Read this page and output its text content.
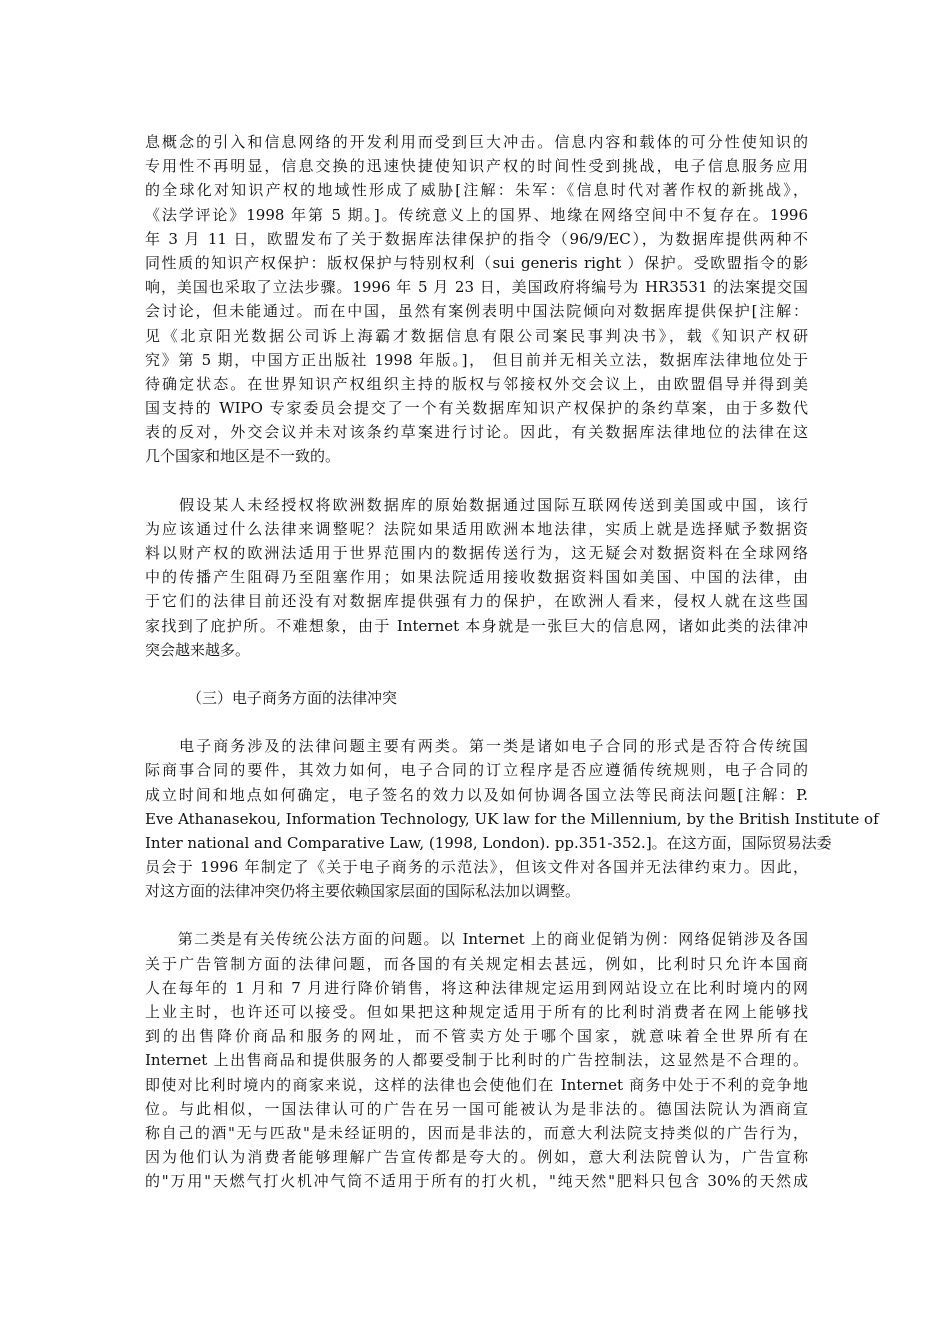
息概念的引入和信息网络的开发利用而受到巨大冲击。信息内容和载体的可分性使知识的
专用性不再明显，信息交换的迅速快捷使知识产权的时间性受到挑战，电子信息服务应用
的全球化对知识产权的地域性形成了威胁[注解：朱军：《信息时代对著作权的新挑战》，
《法学评论》1998 年第 5 期。]。传统意义上的国界、地缘在网络空间中不复存在。1996
年 3 月 11 日，欧盟发布了关于数据库法律保护的指令（96/9/EC），为数据库提供两种不
同性质的知识产权保护：版权保护与特别权利（sui generis right ）保护。受欧盟指令的影
响，美国也采取了立法步骤。1996 年 5 月 23 日，美国政府将编号为 HR3531 的法案提交国
会讨论，但未能通过。而在中国，虽然有案例表明中国法院倾向对数据库提供保护[注解：
见《北京阳光数据公司诉上海霸才数据信息有限公司案民事判决书》，载《知识产权研
究》第 5 期，中国方正出版社 1998 年版。]， 但目前并无相关立法，数据库法律地位处于
待确定状态。在世界知识产权组织主持的版权与邻接权外交会议上，由欧盟倡导并得到美
国支持的 WIPO 专家委员会提交了一个有关数据库知识产权保护的条约草案，由于多数代
表的反对，外交会议并未对该条约草案进行讨论。因此，有关数据库法律地位的法律在这
几个国家和地区是不一致的。
　　假设某人未经授权将欧洲数据库的原始数据通过国际互联网传送到美国或中国，该行
为应该通过什么法律来调整呢？法院如果适用欧洲本地法律，实质上就是选择赋予数据资
料以财产权的欧洲法适用于世界范围内的数据传送行为，这无疑会对数据资料在全球网络
中的传播产生阻碍乃至阻塞作用；如果法院适用接收数据资料国如美国、中国的法律，由
于它们的法律目前还没有对数据库提供强有力的保护，在欧洲人看来，侵权人就在这些国
家找到了庇护所。不难想象，由于 Internet 本身就是一张巨大的信息网，诸如此类的法律冲
突会越来越多。
（三）电子商务方面的法律冲突
　　电子商务涉及的法律问题主要有两类。第一类是诸如电子合同的形式是否符合传统国
际商事合同的要件，其效力如何，电子合同的订立程序是否应遵循传统规则，电子合同的
成立时间和地点如何确定，电子签名的效力以及如何协调各国立法等民商法问题[注解：P.
Eve Athanasekou, Information Technology, UK law for the Millennium, by the British Institute of
Inter national and Comparative Law, (1998, London). pp.351-352.]。在这方面，国际贸易法委
员会于 1996 年制定了《关于电子商务的示范法》，但该文件对各国并无法律约束力。因此，
对这方面的法律冲突仍将主要依赖国家层面的国际私法加以调整。
　　第二类是有关传统公法方面的问题。以 Internet 上的商业促销为例：网络促销涉及各国
关于广告管制方面的法律问题，而各国的有关规定相去甚远，例如，比利时只允许本国商
人在每年的 1 月和 7 月进行降价销售，将这种法律规定运用到网站设立在比利时境内的网
上业主时，也许还可以接受。但如果把这种规定适用于所有的比利时消费者在网上能够找
到的出售降价商品和服务的网址，而不管卖方处于哪个国家，就意味着全世界所有在
Internet 上出售商品和提供服务的人都要受制于比利时的广告控制法，这显然是不合理的。
即使对比利时境内的商家来说，这样的法律也会使他们在 Internet 商务中处于不利的竞争地
位。与此相似，一国法律认可的广告在另一国可能被认为是非法的。德国法院认为酒商宣
称自己的酒"无与匹敌"是未经证明的，因而是非法的，而意大利法院支持类似的广告行为，
因为他们认为消费者能够理解广告宣传都是夸大的。例如，意大利法院曾认为，广告宣称
的"万用"天燃气打火机冲气筒不适用于所有的打火机，"纯天然"肥料只包含 30%的天然成
